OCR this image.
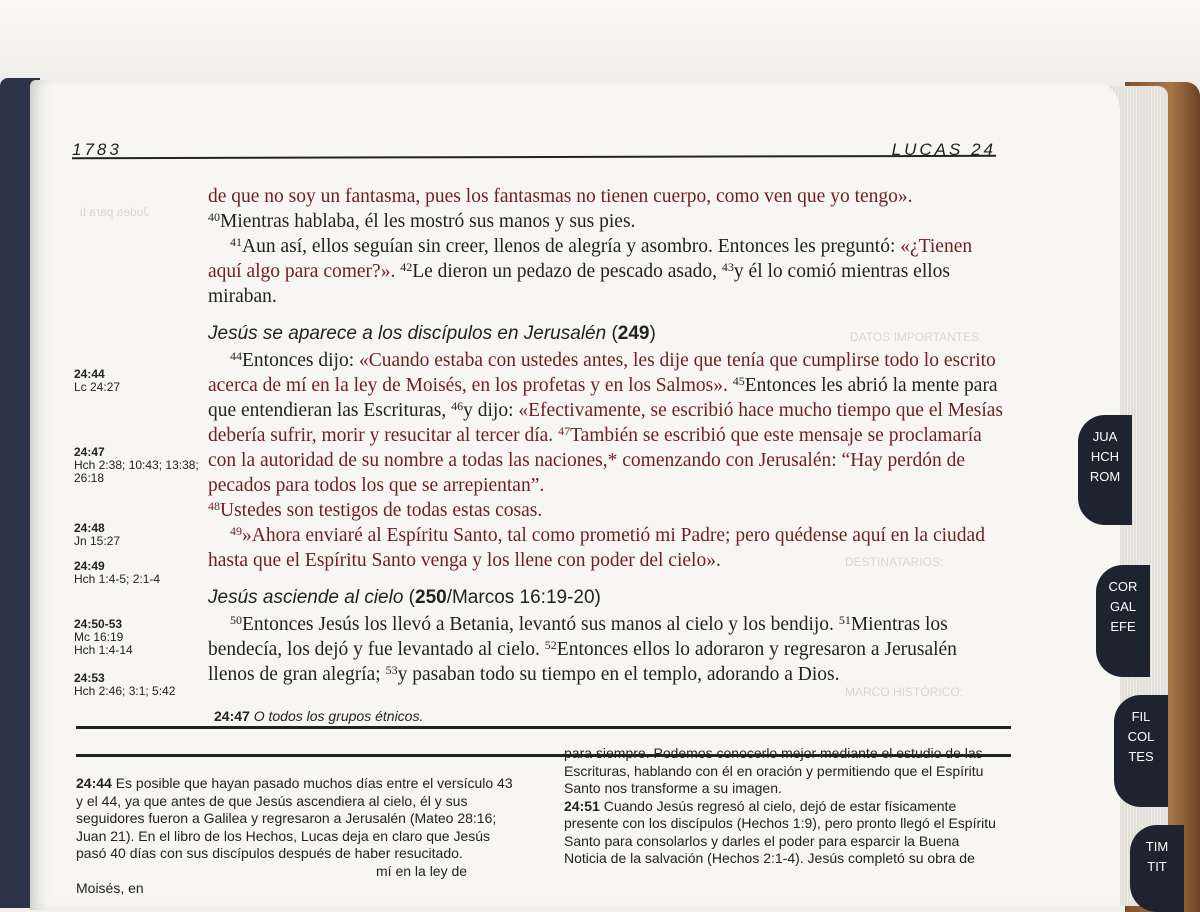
Judea para ti
DATOS IMPORTANTES
DESTINATARIOS:
MARCO HISTÓRICO:
1783	LUCAS 24

de que no soy un fantasma, pues los fantasmas no tienen cuerpo, como ven que yo tengo».

$^{40}$Mientras hablaba, él les mostró sus manos y sus pies.

$^{41}$Aun así, ellos seguían sin creer, llenos de alegría y asombro. Entonces les preguntó: «¿Tienen aquí algo para comer?». $^{42}$Le dieron un pedazo de pescado asado, $^{43}$y él lo comió mientras ellos miraban.

Jesús se aparece a los discípulos en Jerusalén (249)

$^{44}$Entonces dijo: «Cuando estaba con ustedes antes, les dije que tenía que cumplirse todo lo escrito acerca de mí en la ley de Moisés, en los profetas y en los Salmos». $^{45}$Entonces les abrió la mente para que entendieran las Escrituras, $^{46}$y dijo: «Efectivamente, se escribió hace mucho tiempo que el Mesías debería sufrir, morir y resucitar al tercer día. $^{47}$También se escribió que este mensaje se proclamaría con la autoridad de su nombre a todas las naciones,* comenzando con Jerusalén: “Hay perdón de pecados para todos los que se arrepientan”.
$^{48}$Ustedes son testigos de todas estas cosas.

$^{49}$»Ahora enviaré al Espíritu Santo, tal como prometió mi Padre; pero quédense aquí en la ciudad hasta que el Espíritu Santo venga y los llene con poder del cielo».

Jesús asciende al cielo (250/Marcos 16:19-20)

$^{50}$Entonces Jesús los llevó a Betania, levantó sus manos al cielo y los bendijo. $^{51}$Mientras los bendecía, los dejó y fue levantado al cielo. $^{52}$Entonces ellos lo adoraron y regresaron a Jerusalén llenos de gran alegría; $^{53}$y pasaban todo su tiempo en el templo, adorando a Dios.

24:44
Lc 24:27
24:47
Hch 2:38; 10:43; 13:38; 26:18
24:48
Jn 15:27
24:49
Hch 1:4-5; 2:1-4
24:50-53
Mc 16:19 Hch 1:4-14
24:53
Hch 2:46; 3:1; 5:42
24:47 O todos los grupos étnicos.
24:44 Es posible que hayan pasado muchos días entre el versículo 43 y el 44, ya que antes de que Jesús ascendiera al cielo, él y sus seguidores fueron a Galilea y regresaron a Jerusalén (Mateo 28:16; Juan 21). En el libro de los Hechos, Lucas deja en claro que Jesús pasó 40 días con sus discípulos después de haber resucitado.
mí en la ley de Moisés, en
para siempre. Podemos conocerlo mejor mediante el estudio de las Escrituras, hablando con él en oración y permitiendo que el Espíritu Santo nos transforme a su imagen.
24:51 Cuando Jesús regresó al cielo, dejó de estar físicamente presente con los discípulos (Hechos 1:9), pero pronto llegó el Espíritu Santo para consolarlos y darles el poder para esparcir la Buena Noticia de la salvación (Hechos 2:1-4). Jesús completó su obra de
JUA
HCH
ROM
COR
GAL
EFE
FIL
COL
TES
TIM
TIT
